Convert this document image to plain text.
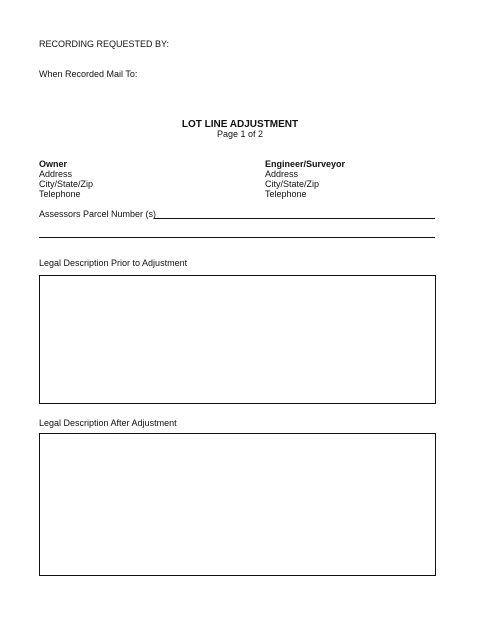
RECORDING REQUESTED BY:
When Recorded Mail To:
LOT LINE ADJUSTMENT
Page 1 of 2
Owner
Address
City/State/Zip
Telephone
Engineer/Surveyor
Address
City/State/Zip
Telephone
Assessors Parcel Number (s)
Legal Description Prior to Adjustment
Legal Description After Adjustment
